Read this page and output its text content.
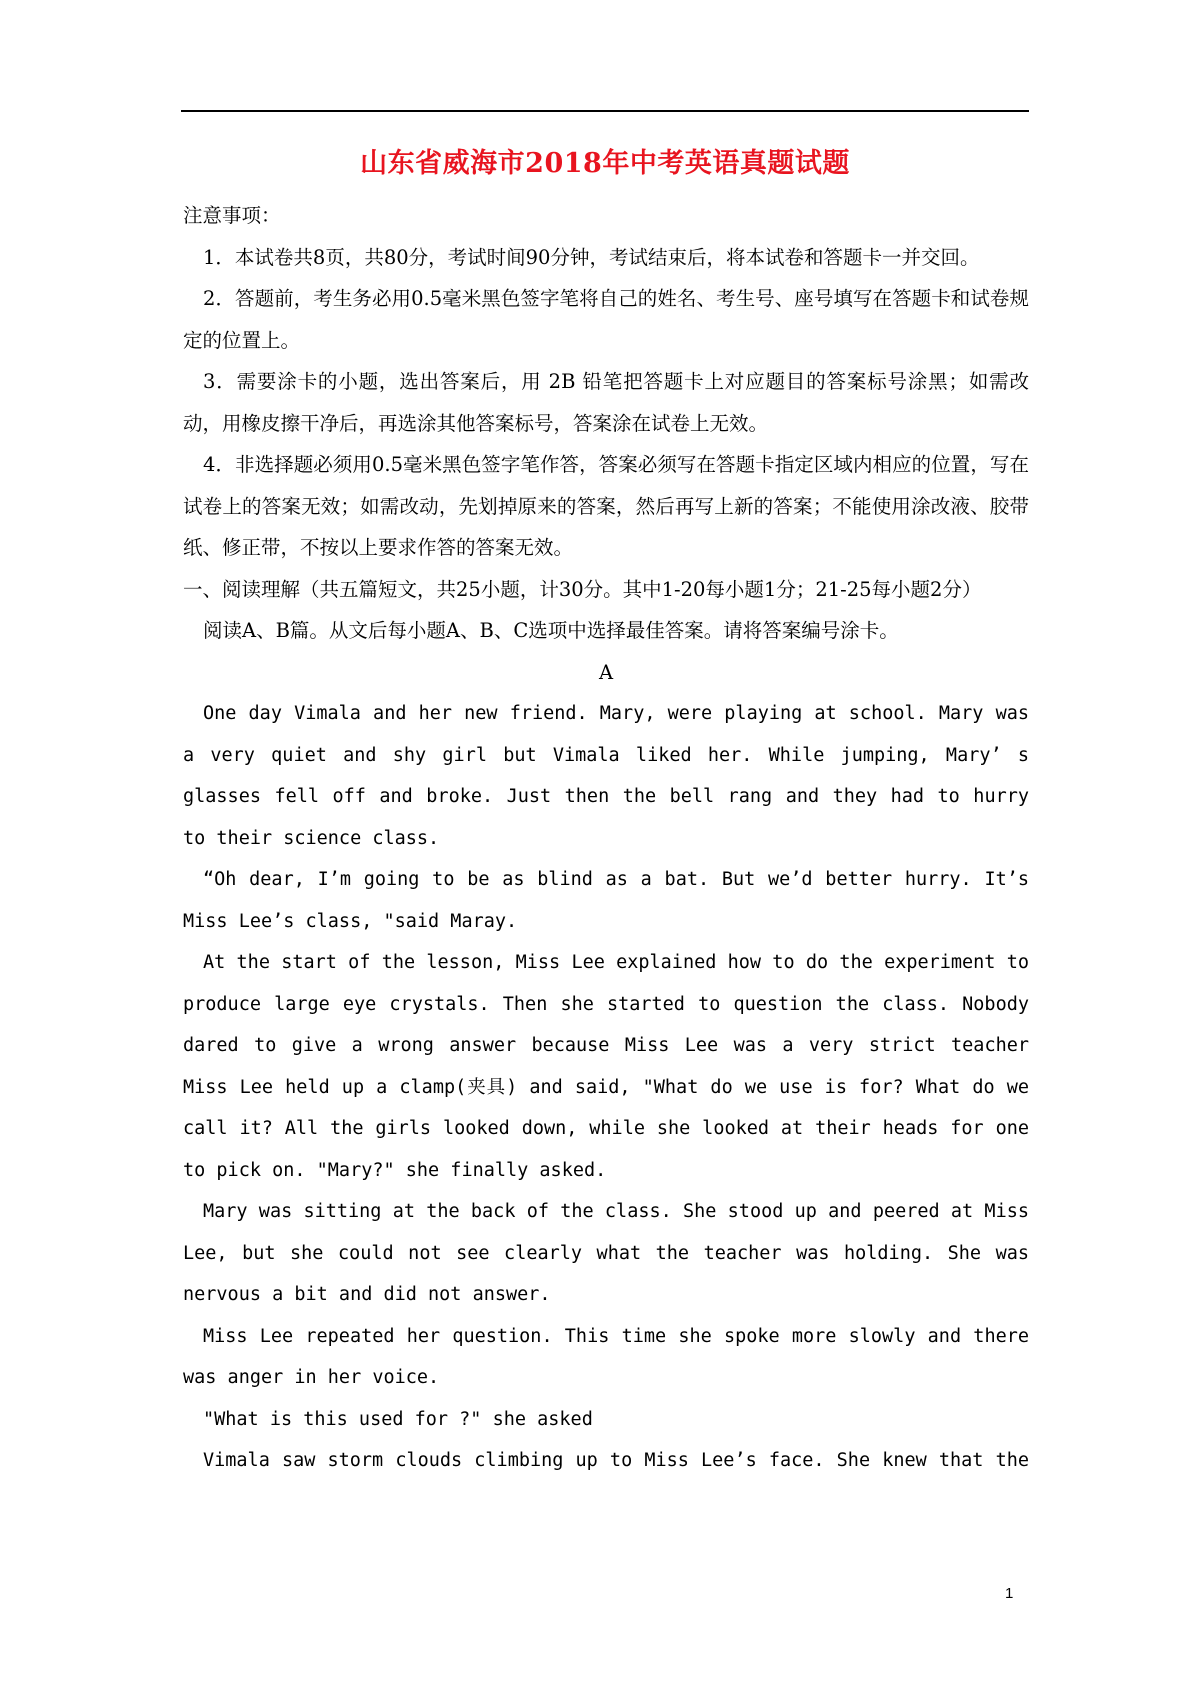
山东省威海市2018年中考英语真题试题

注意事项：

1．本试卷共8页，共80分，考试时间90分钟，考试结束后，将本试卷和答题卡一并交回。

2．答题前，考生务必用0.5毫米黑色签字笔将自己的姓名、考生号、座号填写在答题卡和试卷规定的位置上。

3．需要涂卡的小题，选出答案后，用 2B 铅笔把答题卡上对应题目的答案标号涂黑；如需改动，用橡皮擦干净后，再选涂其他答案标号，答案涂在试卷上无效。

4．非选择题必须用0.5毫米黑色签字笔作答，答案必须写在答题卡指定区域内相应的位置，写在试卷上的答案无效；如需改动，先划掉原来的答案，然后再写上新的答案；不能使用涂改液、胶带纸、修正带，不按以上要求作答的答案无效。

一、阅读理解（共五篇短文，共25小题，计30分。其中1-20每小题1分；21-25每小题2分）

阅读A、B篇。从文后每小题A、B、C选项中选择最佳答案。请将答案编号涂卡。

A

One day Vimala and her new friend. Mary, were playing at school. Mary was a very quiet and shy girl but Vimala liked her. While jumping, Mary’ s glasses fell off and broke. Just then the bell rang and they had to hurry to their science class.

“Oh dear, I’m going to be as blind as a bat. But we’d better hurry. It’s Miss Lee’s class, "said Maray.

At the start of the lesson, Miss Lee explained how to do the experiment to produce large eye crystals. Then she started to question the class. Nobody dared to give a wrong answer because Miss Lee was a very strict teacher Miss Lee held up a clamp(夹具) and said, "What do we use is for? What do we call it? All the girls looked down, while she looked at their heads for one to pick on. "Mary?" she finally asked.

Mary was sitting at the back of the class. She stood up and peered at Miss Lee, but she could not see clearly what the teacher was holding. She was nervous a bit and did not answer.

Miss Lee repeated her question. This time she spoke more slowly and there was anger in her voice.

"What is this used for ?" she asked

Vimala saw storm clouds climbing up to Miss Lee’s face. She knew that the

1
